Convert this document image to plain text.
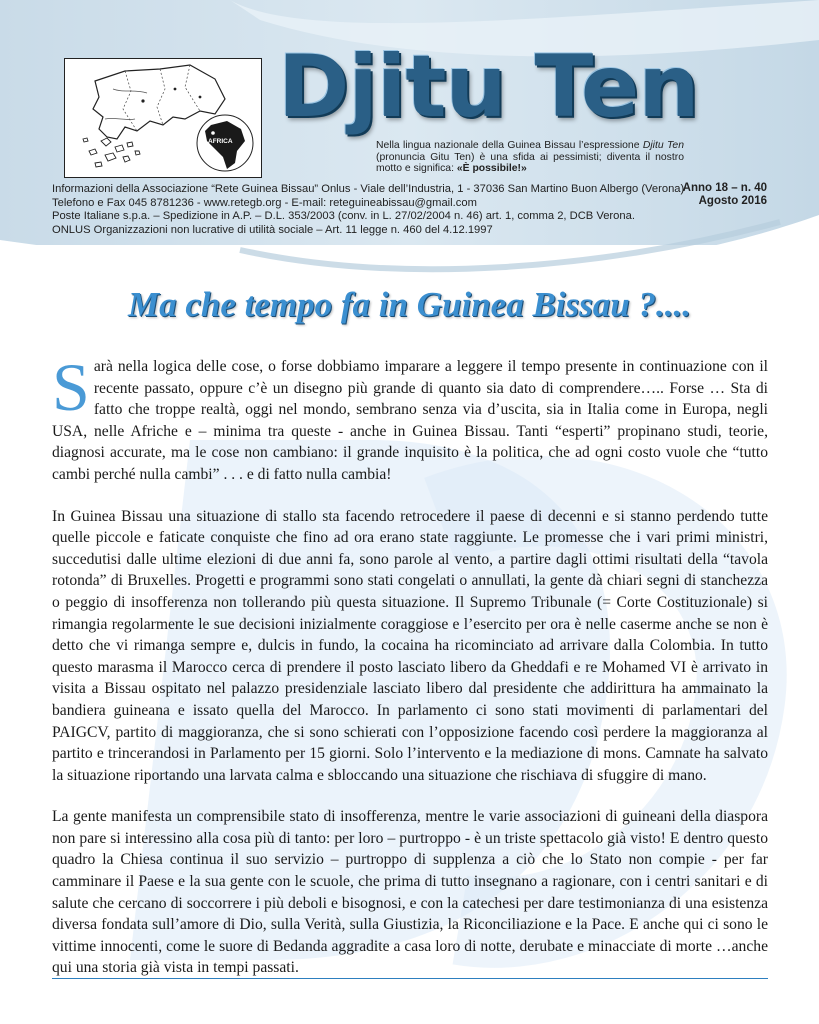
AFRICA
Djitu Ten
Nella lingua nazionale della Guinea Bissau l’espressione Djitu Ten (pronuncia Gitu Ten) è una sfida ai pessimisti; diventa il nostro motto e significa: «È possibile!»
Informazioni della Associazione “Rete Guinea Bissau” Onlus - Viale dell’Industria, 1 - 37036 San Martino Buon Albergo (Verona)
Telefono e Fax 045 8781236 - www.retegb.org - E-mail: reteguineabissau@gmail.com
Poste Italiane s.p.a. – Spedizione in A.P. – D.L. 353/2003 (conv. in L. 27/02/2004 n. 46) art. 1, comma 2, DCB Verona.
ONLUS Organizzazioni non lucrative di utilità sociale – Art. 11 legge n. 460 del 4.12.1997
Anno 18 – n. 40
Agosto 2016
Ma che tempo fa in Guinea Bissau ?....

Sarà nella logica delle cose, o forse dobbiamo imparare a leggere il tempo presente in continuazione con il recente passato, oppure c’è un disegno più grande di quanto sia dato di comprendere….. Forse … Sta di fatto che troppe realtà, oggi nel mondo, sembrano senza via d’uscita, sia in Italia come in Europa, negli USA, nelle Afriche e – minima tra queste - anche in Guinea Bissau. Tanti “esperti” propinano studi, teorie, diagnosi accurate, ma le cose non cambiano: il grande inquisito è la politica, che ad ogni costo vuole che “tutto cambi perché nulla cambi” . . . e di fatto nulla cambia!

In Guinea Bissau una situazione di stallo sta facendo retrocedere il paese di decenni e si stanno perdendo tutte quelle piccole e faticate conquiste che fino ad ora erano state raggiunte. Le promesse che i vari primi ministri, succedutisi dalle ultime elezioni di due anni fa, sono parole al vento, a partire dagli ottimi risultati della “tavola rotonda” di Bruxelles. Progetti e programmi sono stati congelati o annullati, la gente dà chiari segni di stanchezza o peggio di insofferenza non tollerando più questa situazione. Il Supremo Tribunale (= Corte Costituzionale) si rimangia regolarmente le sue decisioni inizialmente coraggiose e l’esercito per ora è nelle caserme anche se non è detto che vi rimanga sempre e, dulcis in fundo, la cocaina ha ricominciato ad arrivare dalla Colombia. In tutto questo marasma il Marocco cerca di prendere il posto lasciato libero da Gheddafi e re Mohamed VI è arrivato in visita a Bissau ospitato nel palazzo presidenziale lasciato libero dal presidente che addirittura ha ammainato la bandiera guineana e issato quella del Marocco. In parlamento ci sono stati movimenti di parlamentari del PAIGCV, partito di maggioranza, che si sono schierati con l’opposizione facendo così perdere la maggioranza al partito e trincerandosi in Parlamento per 15 giorni. Solo l’intervento e la mediazione di mons. Camnate ha salvato la situazione riportando una larvata calma e sbloccando una situazione che rischiava di sfuggire di mano.

La gente manifesta un comprensibile stato di insofferenza, mentre le varie associazioni di guineani della diaspora non pare si interessino alla cosa più di tanto: per loro – purtroppo - è un triste spettacolo già visto! E dentro questo quadro la Chiesa continua il suo servizio – purtroppo di supplenza a ciò che lo Stato non compie - per far camminare il Paese e la sua gente con le scuole, che prima di tutto insegnano a ragionare, con i centri sanitari e di salute che cercano di soccorrere i più deboli e bisognosi, e con la catechesi per dare testimonianza di una esistenza diversa fondata sull’amore di Dio, sulla Verità, sulla Giustizia, la Riconciliazione e la Pace. E anche qui ci sono le vittime innocenti, come le suore di Bedanda aggradite a casa loro di notte, derubate e minacciate di morte …anche qui una storia già vista in tempi passati.
